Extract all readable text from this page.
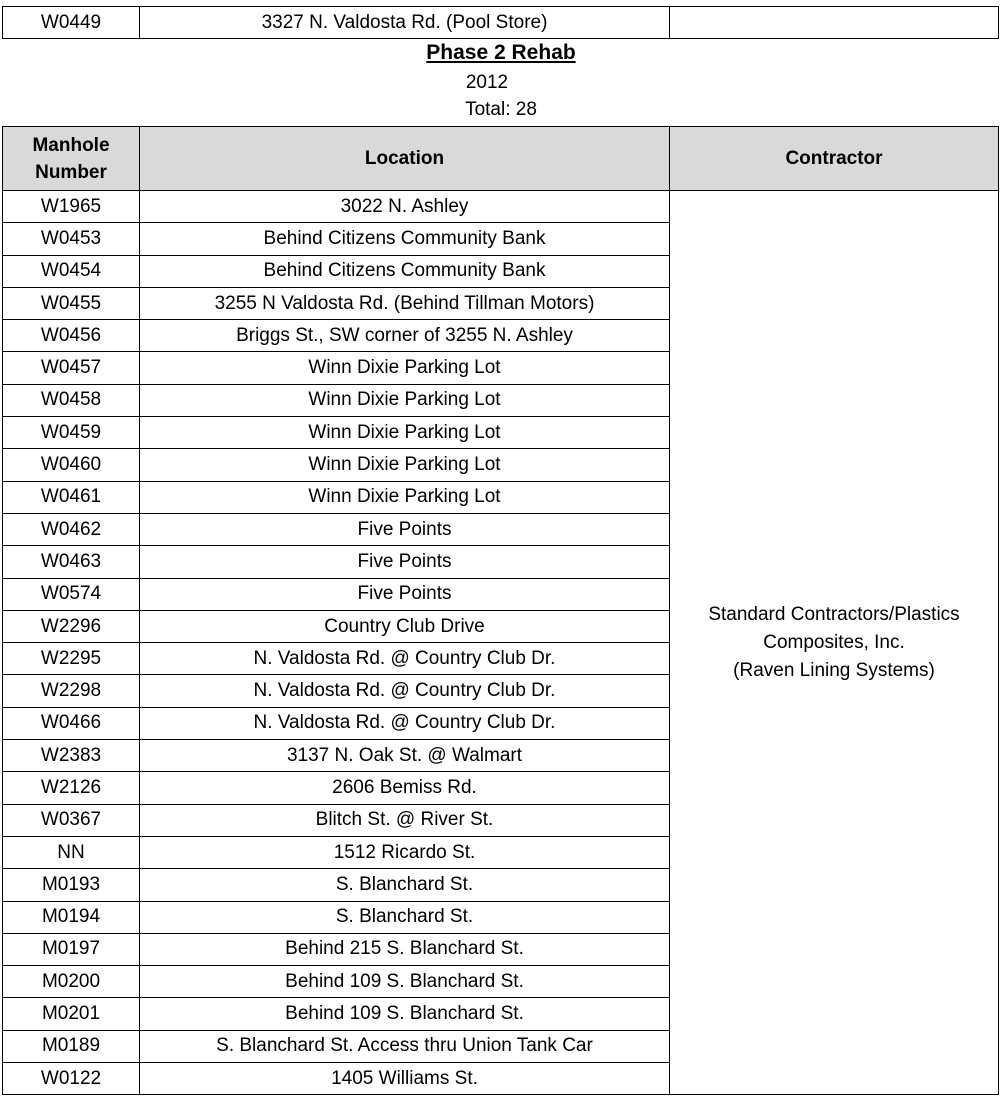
W0449	3327 N. Valdosta Rd. (Pool Store)	
Phase 2 Rehab
2012
Total: 28
Manhole
Number	Location	Contractor
W1965	3022 N. Ashley	Standard Contractors/Plastics
Composites, Inc.
(Raven Lining Systems)
W0453	Behind Citizens Community Bank	
W0454	Behind Citizens Community Bank	
W0455	3255 N Valdosta Rd. (Behind Tillman Motors)	
W0456	Briggs St., SW corner of 3255 N. Ashley	
W0457	Winn Dixie Parking Lot	
W0458	Winn Dixie Parking Lot	
W0459	Winn Dixie Parking Lot	
W0460	Winn Dixie Parking Lot	
W0461	Winn Dixie Parking Lot	
W0462	Five Points	
W0463	Five Points	
W0574	Five Points	
W2296	Country Club Drive	
W2295	N. Valdosta Rd. @ Country Club Dr.	
W2298	N. Valdosta Rd. @ Country Club Dr.	
W0466	N. Valdosta Rd. @ Country Club Dr.	
W2383	3137 N. Oak St. @ Walmart	
W2126	2606 Bemiss Rd.	
W0367	Blitch St. @ River St.	
NN	1512 Ricardo St.	
M0193	S. Blanchard St.	
M0194	S. Blanchard St.	
M0197	Behind 215 S. Blanchard St.	
M0200	Behind 109 S. Blanchard St.	
M0201	Behind 109 S. Blanchard St.	
M0189	S. Blanchard St. Access thru Union Tank Car	
W0122	1405 Williams St.	
